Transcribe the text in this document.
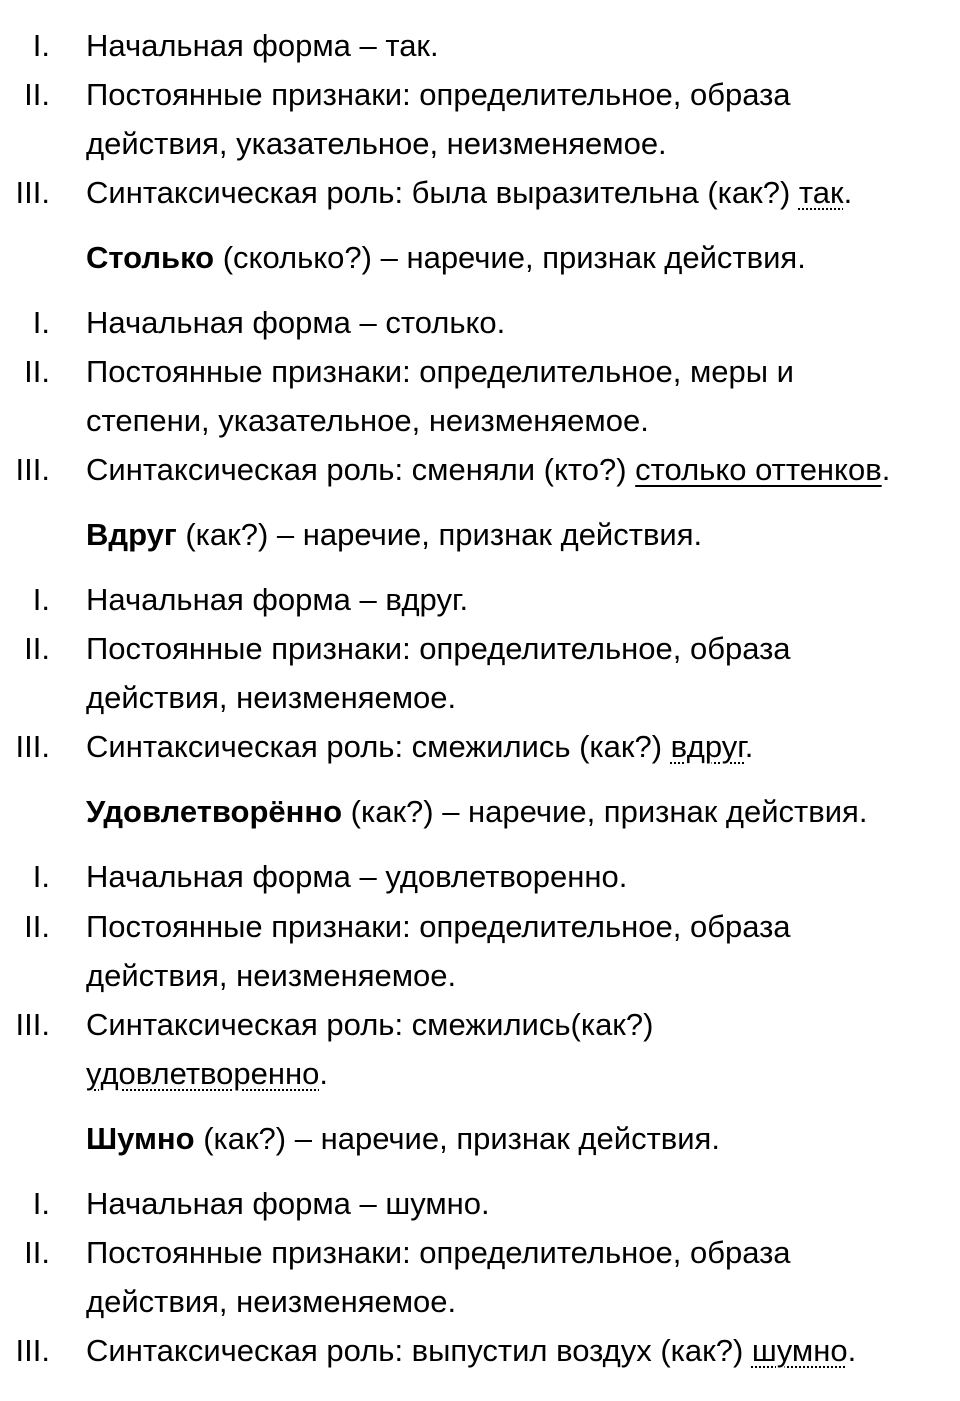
I. Начальная форма – так.
II. Постоянные признаки: определительное, образа
действия, указательное, неизменяемое.
III. Синтаксическая роль: была выразительна (как?) так.
Столько (сколько?) – наречие, признак действия.
I. Начальная форма – столько.
II. Постоянные признаки: определительное, меры и
степени, указательное, неизменяемое.
III. Синтаксическая роль: сменяли (кто?) столько оттенков.
Вдруг (как?) – наречие, признак действия.
I. Начальная форма – вдруг.
II. Постоянные признаки: определительное, образа
действия, неизменяемое.
III. Синтаксическая роль: смежились (как?) вдруг.
Удовлетворённо (как?) – наречие, признак действия.
I. Начальная форма – удовлетворенно.
II. Постоянные признаки: определительное, образа
действия, неизменяемое.
III. Синтаксическая роль: смежились(как?)
удовлетворенно.
Шумно (как?) – наречие, признак действия.
I. Начальная форма – шумно.
II. Постоянные признаки: определительное, образа
действия, неизменяемое.
III. Синтаксическая роль: выпустил воздух (как?) шумно.
